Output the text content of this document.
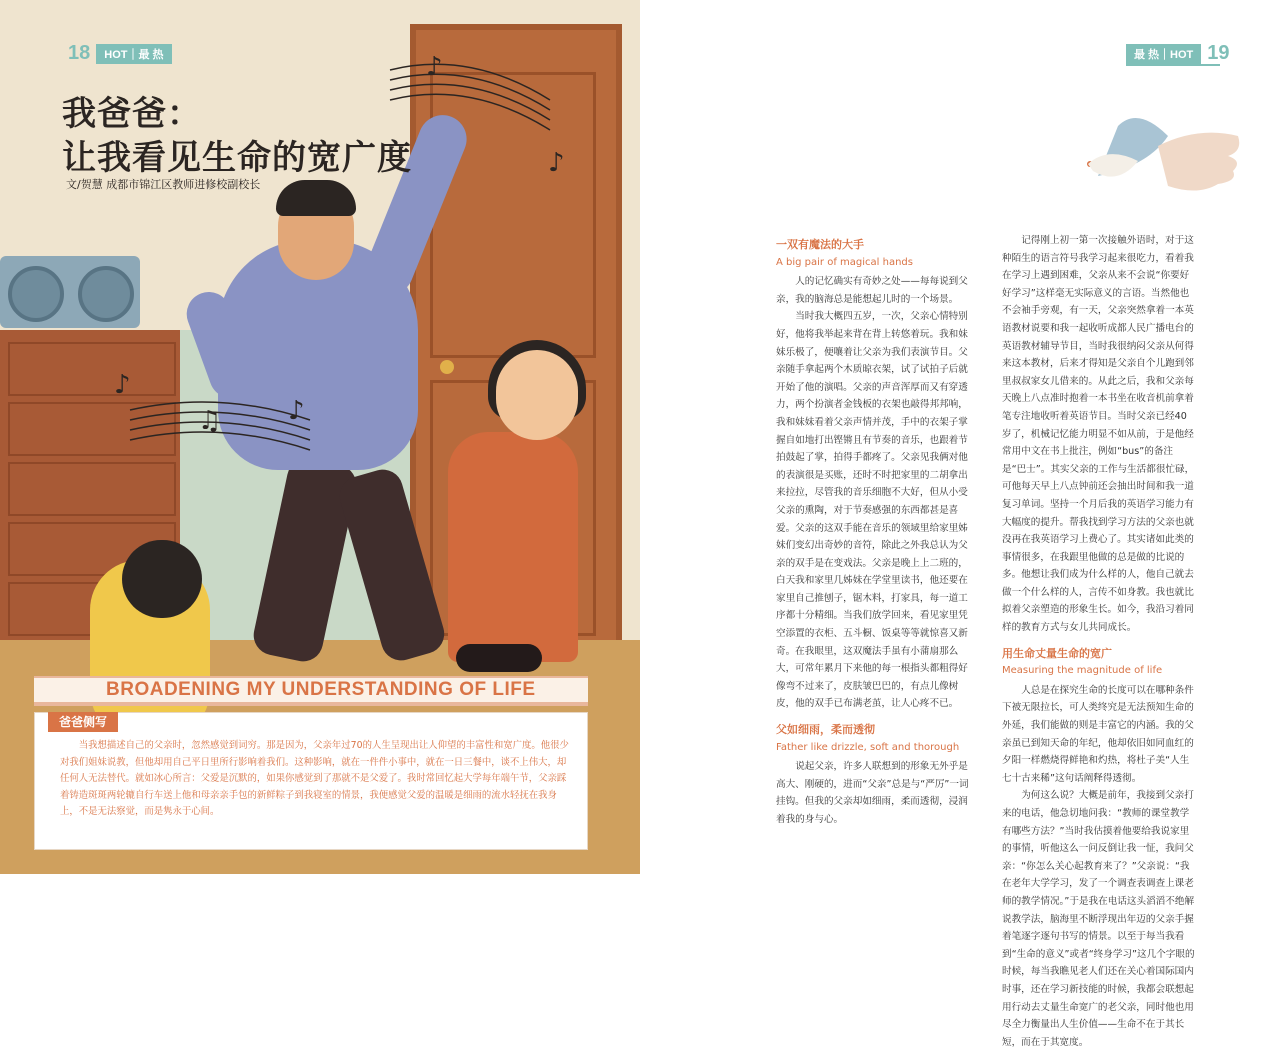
♪
♪
♪
♫	♪
18	HOT｜最 热
我爸爸：
让我看见生命的宽广度
文/贺慧 成都市锦江区教师进修校副校长
BROADENING MY UNDERSTANDING OF LIFE
爸爸侧写
当我想描述自己的父亲时，忽然感觉到词穷。那是因为，父亲年过70的人生呈现出让人仰望的丰富性和宽广度。他很少对我们姐妹说教，但他却用自己平日里所行影响着我们。这种影响，就在一件件小事中，就在一日三餐中，谈不上伟大，却任何人无法替代。就如冰心所言：父爱是沉默的，如果你感觉到了那就不是父爱了。我时常回忆起大学每年端午节，父亲踩着铸造斑斑两轮辘自行车送上他和母亲亲手包的新鲜粽子到我寝室的情景，我便感觉父爱的温暖是细雨的流水轻抚在我身上，不是无法察觉，而是隽永于心间。
最 热｜HOT 19
一双有魔法的大手
A big pair of magical hands

人的记忆确实有奇妙之处——每每说到父亲，我的脑海总是能想起儿时的一个场景。

当时我大概四五岁，一次，父亲心情特别好，他将我举起来背在背上转悠着玩。我和妹妹乐极了，便嚷着让父亲为我们表演节目。父亲随手拿起两个木质晾衣架，试了试拍子后就开始了他的演唱。父亲的声音浑厚而又有穿透力，两个扮演者金钱板的衣架也敲得邦邦响，我和妹妹看着父亲声情并茂，手中的衣架子掌握自如地打出铿锵且有节奏的音乐，也跟着节拍鼓起了掌，拍得手都疼了。父亲见我俩对他的表演很是买账，还时不时把家里的二胡拿出来拉拉，尽管我的音乐细胞不大好，但从小受父亲的熏陶，对于节奏感强的东西都甚是喜爱。父亲的这双手能在音乐的领域里给家里姊妹们变幻出奇妙的音符，除此之外我总认为父亲的双手是在变戏法。父亲是晚上上二班的，白天我和家里几姊妹在学堂里读书，他还要在家里自己推刨子，锯木料，打家具，每一道工序都十分精细。当我们放学回来，看见家里凭空添置的衣柜、五斗橱、饭桌等等就惊喜又新奇。在我眼里，这双魔法手虽有小蒲扇那么大，可常年累月下来他的每一根指头都粗得好像弯不过来了，皮肤皱巴巴的，有点儿像树皮，他的双手已布满老茧，让人心疼不已。

父如细雨，柔而透彻
Father like drizzle, soft and thorough

说起父亲，许多人联想到的形象无外乎是高大、刚硬的，进而“父亲”总是与“严厉”一词挂钩。但我的父亲却如细雨，柔而透彻，浸润着我的身与心。

记得刚上初一第一次接触外语时，对于这种陌生的语言符号我学习起来很吃力，看着我在学习上遇到困难，父亲从来不会说“你要好好学习”这样毫无实际意义的言语。当然他也不会袖手旁观，有一天，父亲突然拿着一本英语教材说要和我一起收听成都人民广播电台的英语教材辅导节目，当时我很纳闷父亲从何得来这本教材，后来才得知是父亲自个儿跑到邻里叔叔家女儿借来的。从此之后，我和父亲每天晚上八点准时抱着一本书坐在收音机前拿着笔专注地收听着英语节目。当时父亲已经40岁了，机械记忆能力明显不如从前，于是他经常用中文在书上批注，例如“bus”的备注是“巴士”。其实父亲的工作与生活都很忙碌，可他每天早上八点钟前还会抽出时间和我一道复习单词。坚持一个月后我的英语学习能力有大幅度的提升。帮我找到学习方法的父亲也就没再在我英语学习上费心了。其实诸如此类的事情很多，在我跟里他做的总是做的比说的多。他想让我们成为什么样的人，他自己就去做一个什么样的人，言传不如身教。我也就比拟着父亲塑造的形象生长。如今，我沿习着同样的教育方式与女儿共同成长。

用生命丈量生命的宽广
Measuring the magnitude of life

人总是在探究生命的长度可以在哪种条件下被无限拉长，可人类终究是无法预知生命的外延，我们能做的则是丰富它的内涵。我的父亲虽已到知天命的年纪，他却依旧如同血红的夕阳一样燃烧得鲜艳和灼热，将杜子美“人生七十古来稀”这句话阐释得透彻。

为何这么说？大概是前年，我接到父亲打来的电话，他急切地问我：“教师的课堂教学有哪些方法？”当时我估摸着他要给我说家里的事情，听他这么一问反倒让我一怔，我问父亲：“你怎么关心起教育来了？”父亲说：“我在老年大学学习，发了一个调查表调查上课老师的教学情况。”于是我在电话这头滔滔不绝解说教学法，脑海里不断浮现出年迈的父亲手握着笔逐字逐句书写的情景。以至于每当我看到“生命的意义”或者“终身学习”这几个字眼的时候，每当我瞧见老人们还在关心着国际国内时事，还在学习新技能的时候，我都会联想起用行动去丈量生命宽广的老父亲，同时他也用尽全力衡量出人生价值——生命不在于其长短，而在于其宽度。
